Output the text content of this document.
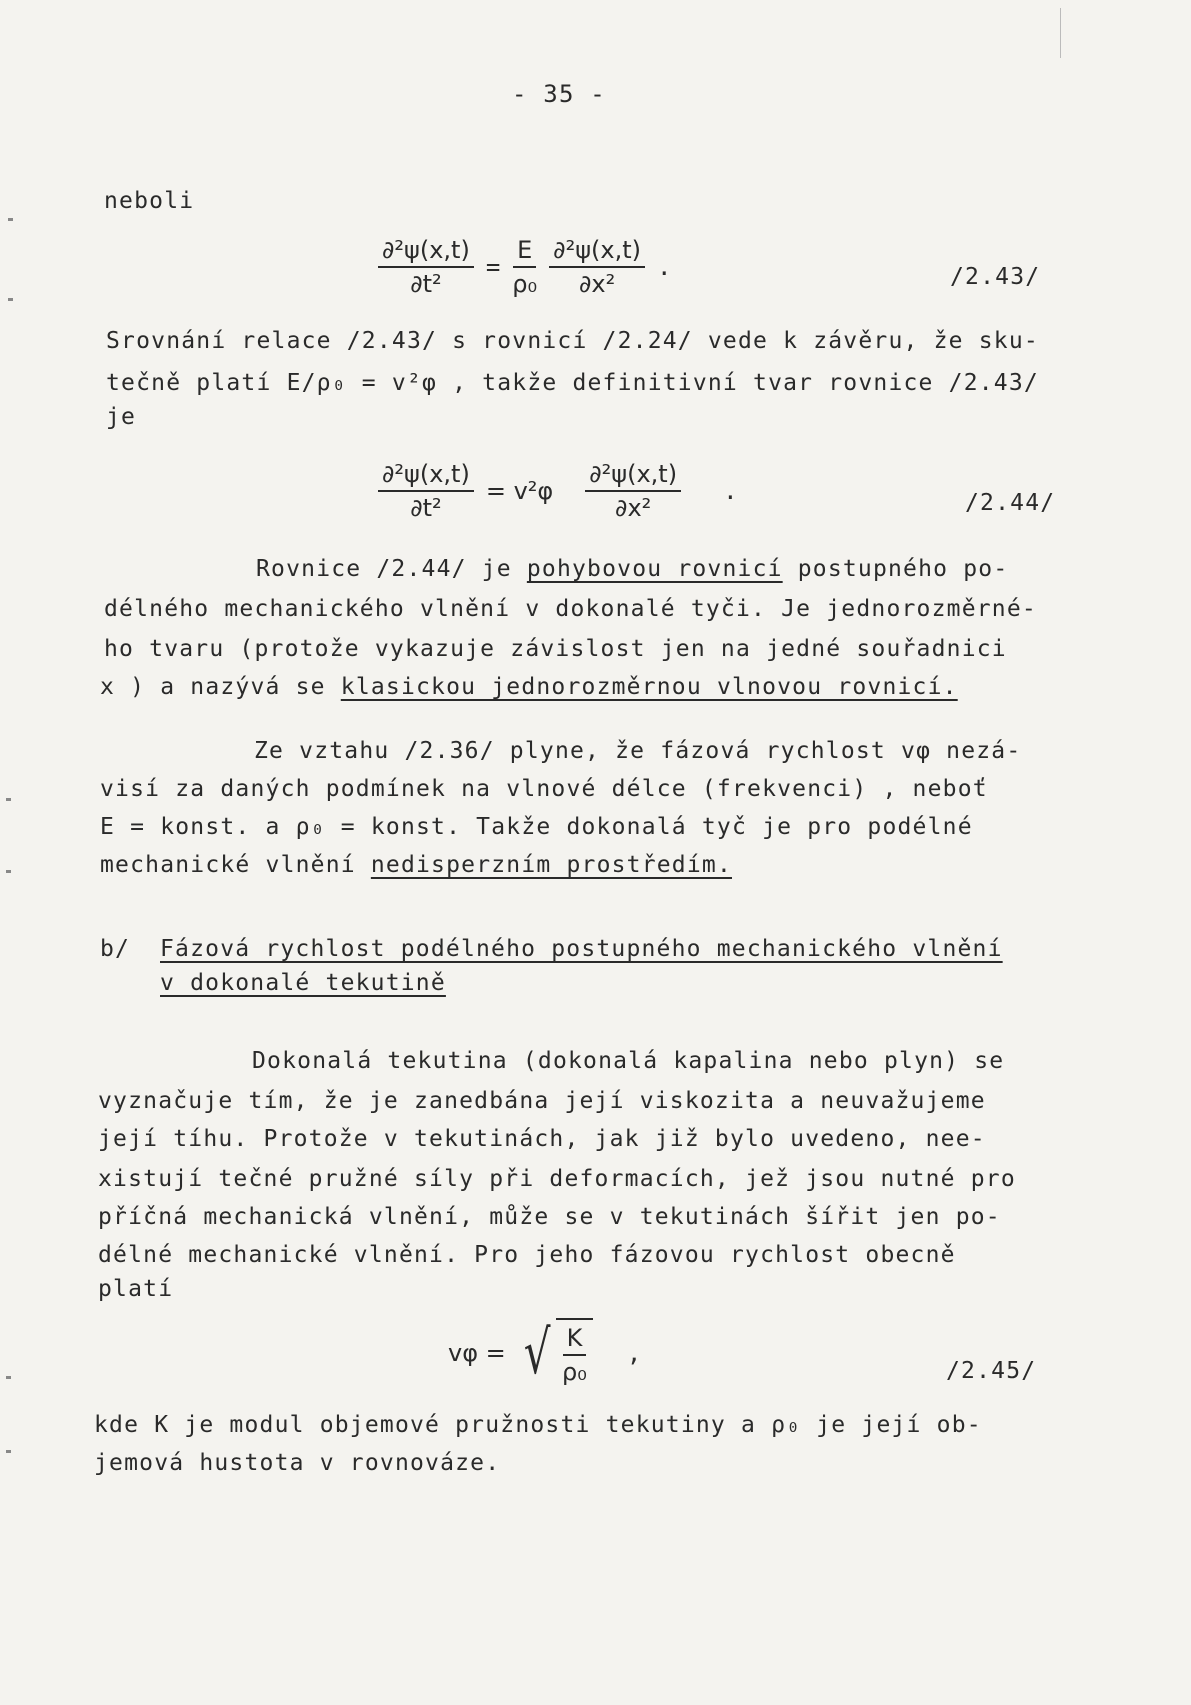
- 35 -
neboli
$\frac{\text{∂²ψ(x,t)}}{\text{∂t²}} = \frac{E}{\text{ρ₀}} \frac{\text{∂²ψ(x,t)}}{\text{∂x²}}$ .	/2.43/
Srovnání relace /2.43/ s rovnicí /2.24/ vede k závěru, že sku-
tečně platí E/ρ₀ = v²φ , takže definitivní tvar rovnice /2.43/
je
$\frac{\text{∂²ψ(x,t)}}{\text{∂t²}} = v^2\varphi \frac{\text{∂²ψ(x,t)}}{\text{∂x²}}$ .	/2.44/
Rovnice /2.44/ je pohybovou rovnicí postupného po-
délného mechanického vlnění v dokonalé tyči. Je jednorozměrné-
ho tvaru (protože vykazuje závislost jen na jedné souřadnici
x ) a nazývá se klasickou jednorozměrnou vlnovou rovnicí.
Ze vztahu /2.36/ plyne, že fázová rychlost vφ nezá-
visí za daných podmínek na vlnové délce (frekvenci) , neboť
E = konst. a ρ₀ = konst. Takže dokonalá tyč je pro podélné
mechanické vlnění nedisperzním prostředím.
b/ Fázová rychlost podélného postupného mechanického vlnění
v dokonalé tekutině
Dokonalá tekutina (dokonalá kapalina nebo plyn) se
vyznačuje tím, že je zanedbána její viskozita a neuvažujeme
její tíhu. Protože v tekutinách, jak již bylo uvedeno, nee-
xistují tečné pružné síly při deformacích, jež jsou nutné pro
příčná mechanická vlnění, může se v tekutinách šířit jen po-
délné mechanické vlnění. Pro jeho fázovou rychlost obecně
platí
vφ = √ $\frac{K}{\text{ρ₀}}$ ,
/2.45/
kde K je modul objemové pružnosti tekutiny a ρ₀ je její ob-
jemová hustota v rovnováze.
